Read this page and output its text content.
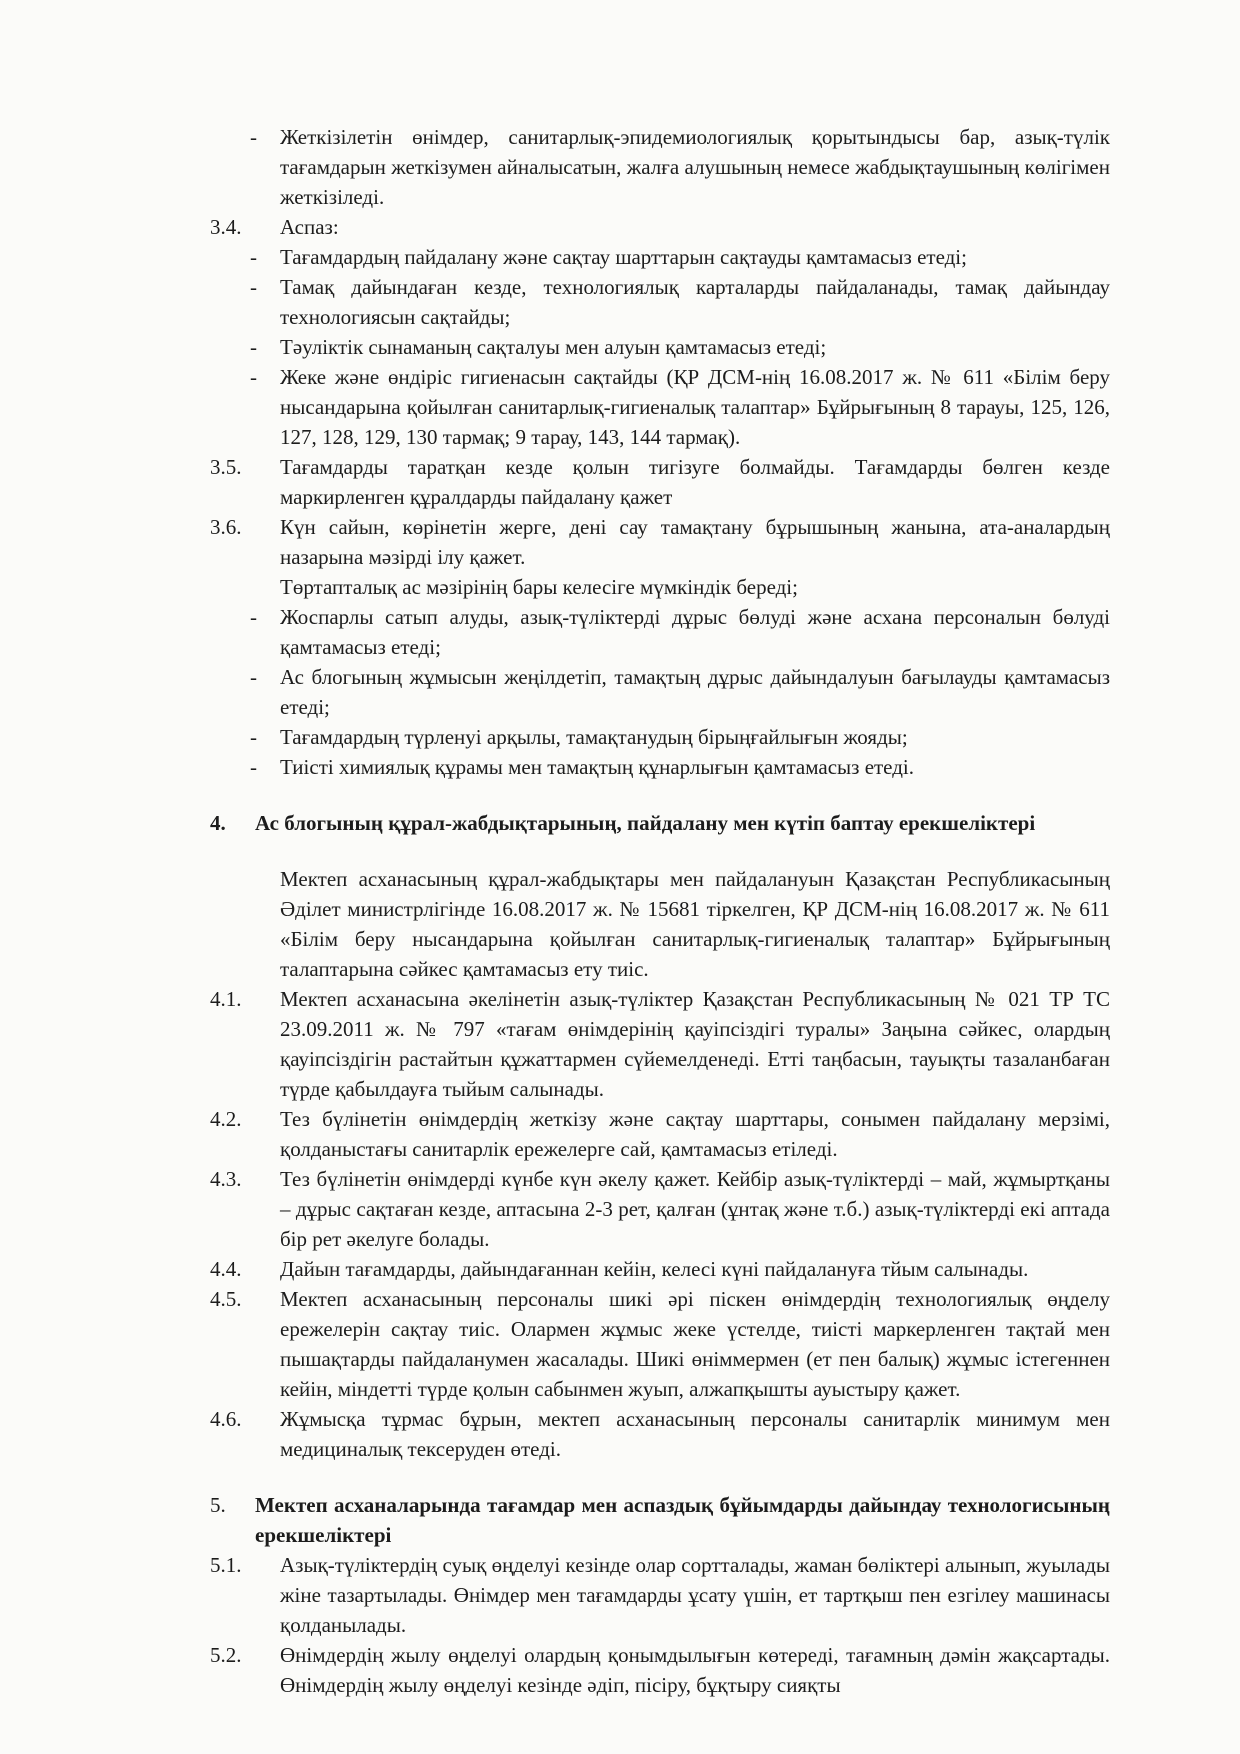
- Жеткізілетін өнімдер, санитарлық-эпидемиологиялық қорытындысы бар, азық-түлік тағамдарын жеткізумен айналысатын, жалға алушының немесе жабдықтаушының көлігімен жеткізіледі.
3.4. Аспаз:
- Тағамдардың пайдалану және сақтау шарттарын сақтауды қамтамасыз етеді;
- Тамақ дайындаған кезде, технологиялық карталарды пайдаланады, тамақ дайындау технологиясын сақтайды;
- Тәуліктік сынаманың сақталуы мен алуын қамтамасыз етеді;
- Жеке және өндіріс гигиенасын сақтайды (ҚР ДСМ-нің 16.08.2017 ж. № 611 «Білім беру нысандарына қойылған санитарлық-гигиеналық талаптар» Бұйрығының 8 тарауы, 125, 126, 127, 128, 129, 130 тармақ; 9 тарау, 143, 144 тармақ).
3.5. Тағамдарды таратқан кезде қолын тигізуге болмайды. Тағамдарды бөлген кезде маркирленген құралдарды пайдалану қажет
3.6. Күн сайын, көрінетін жерге, дені сау тамақтану бұрышының жанына, ата-аналардың назарына мәзірді ілу қажет.
Төртапталық ас мәзірінің бары келесіге мүмкіндік береді;
- Жоспарлы сатып алуды, азық-түліктерді дұрыс бөлуді және асхана персоналын бөлуді қамтамасыз етеді;
- Ас блогының жұмысын жеңілдетіп, тамақтың дұрыс дайындалуын бағылауды қамтамасыз етеді;
- Тағамдардың түрленуі арқылы, тамақтанудың бірыңғайлығын жояды;
- Тиісті химиялық құрамы мен тамақтың құнарлығын қамтамасыз етеді.
4. Ас блогының құрал-жабдықтарының, пайдалану мен күтіп баптау ерекшеліктері
Мектеп асханасының құрал-жабдықтары мен пайдалануын Қазақстан Республикасының Әділет министрлігінде 16.08.2017 ж. № 15681 тіркелген, ҚР ДСМ-нің 16.08.2017 ж. № 611 «Білім беру нысандарына қойылған санитарлық-гигиеналық талаптар» Бұйрығының талаптарына сәйкес қамтамасыз ету тиіс.
4.1. Мектеп асханасына әкелінетін азық-түліктер Қазақстан Республикасының № 021 ТР ТС 23.09.2011 ж. № 797 «тағам өнімдерінің қауіпсіздігі туралы» Заңына сәйкес, олардың қауіпсіздігін растайтын құжаттармен сүйемелденеді. Етті таңбасын, тауықты тазаланбаған түрде қабылдауға тыйым салынады.
4.2. Тез бүлінетін өнімдердің жеткізу және сақтау шарттары, сонымен пайдалану мерзімі, қолданыстағы санитарлік ережелерге сай, қамтамасыз етіледі.
4.3. Тез бүлінетін өнімдерді күнбе күн әкелу қажет. Кейбір азық-түліктерді – май, жұмыртқаны – дұрыс сақтаған кезде, аптасына 2-3 рет, қалған (ұнтақ және т.б.) азық-түліктерді екі аптада бір рет әкелуге болады.
4.4. Дайын тағамдарды, дайындағаннан кейін, келесі күні пайдалануға тйым салынады.
4.5. Мектеп асханасының персоналы шикі әрі піскен өнімдердің технологиялық өңделу ережелерін сақтау тиіс. Олармен жұмыс жеке үстелде, тиісті маркерленген тақтай мен пышақтарды пайдаланумен жасалады. Шикі өніммермен (ет пен балық) жұмыс істегеннен кейін, міндетті түрде қолын сабынмен жуып, алжапқышты ауыстыру қажет.
4.6. Жұмысқа тұрмас бұрын, мектеп асханасының персоналы санитарлік минимум мен медициналық тексеруден өтеді.
5. Мектеп асханаларында тағамдар мен аспаздық бұйымдарды дайындау технологисының ерекшеліктері
5.1. Азық-түліктердің суық өңделуі кезінде олар сортталады, жаман бөліктері алынып, жуылады жіне тазартылады. Өнімдер мен тағамдарды ұсату үшін, ет тартқыш пен езгілеу машинасы қолданылады.
5.2. Өнімдердің жылу өңделуі олардың қонымдылығын көтереді, тағамның дәмін жақсартады. Өнімдердің жылу өңделуі кезінде әдіп, пісіру, бұқтыру сияқты
